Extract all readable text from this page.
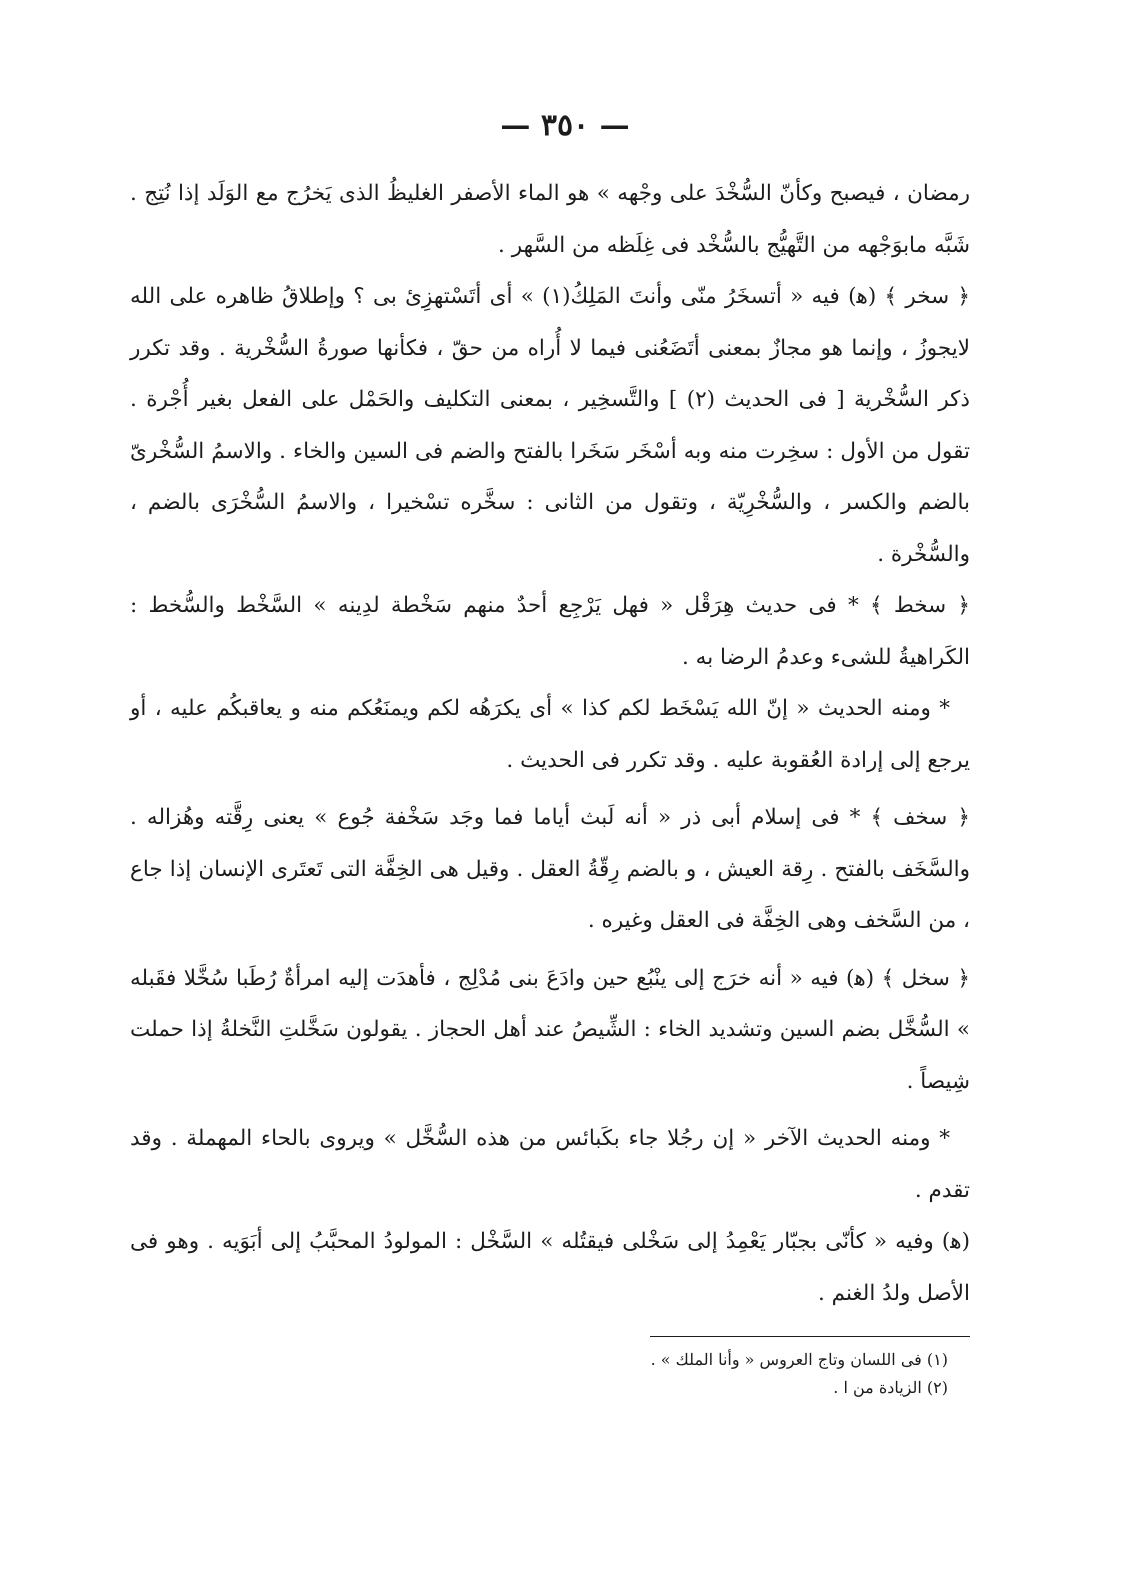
— ٣٥٠ —

رمضان ، فيصبح وكأنّ السُّخْدَ على وجْهه » هو الماء الأصفر الغليظُ الذى يَخرُج مع الوَلَد إذا نُتِج . شَبَّه مابوَجْهه من التَّهيُّج بالسُّخْد فى غِلَظه من السَّهر .

﴿ سخر ﴾ (ﻫ) فيه « أتسخَرُ منّى وأنتَ المَلِكُ(١) » أى أتَسْتهزِئ بى ؟ وإطلاقُ ظاهره على الله لايجوزُ ، وإنما هو مجازٌ بمعنى أتَضَعُنى فيما لا أُراه من حقّ ، فكأنها صورةُ السُّخْرية . وقد تكرر ذكر السُّخْرية [ فى الحديث (٢) ] والتَّسخِير ، بمعنى التكليف والحَمْل على الفعل بغير أُجْرة . تقول من الأول : سخِرت منه وبه أسْخَر سَخَرا بالفتح والضم فى السين والخاء . والاسمُ السُّخْرىّ بالضم والكسر ، والسُّخْرِيّة ، وتقول من الثانى : سخَّره تسْخيرا ، والاسمُ السُّخْرَى بالضم ، والسُّخْرة .

﴿ سخط ﴾ * فى حديث هِرَقْل « فهل يَرْجِع أحدٌ منهم سَخْطة لدِينه » السَّخْط والسُّخط : الكَراهيةُ للشىء وعدمُ الرضا به .

* ومنه الحديث « إنّ الله يَسْخَط لكم كذا » أى يكرَهُه لكم ويمنَعُكم منه و يعاقبكُم عليه ، أو يرجع إلى إرادة العُقوبة عليه . وقد تكرر فى الحديث .

﴿ سخف ﴾ * فى إسلام أبى ذر « أنه لَبث أياما فما وجَد سَخْفة جُوع » يعنى رِقَّته وهُزاله . والسَّخَف بالفتح . رِقة العيش ، و بالضم رِقّةُ العقل . وقيل هى الخِفَّة التى تَعتَرى الإنسان إذا جاع ، من السَّخف وهى الخِفَّة فى العقل وغيره .

﴿ سخل ﴾ (ﻫ) فيه « أنه خرَج إلى ينْبُع حين وادَعَ بنى مُدْلِج ، فأهدَت إليه امرأةٌ رُطَبا سُخَّلا فقَبله » السُّخَّل بضم السين وتشديد الخاء : الشِّيصُ عند أهل الحجاز . يقولون سَخَّلتِ النَّخلةُ إذا حملت شِيصاً .

* ومنه الحديث الآخر « إن رجُلا جاء بكَبائس من هذه السُّخَّل » ويروى بالحاء المهملة . وقد تقدم .

(ﻫ) وفيه « كأنّى بجبّار يَعْمِدُ إلى سَخْلى فيقتُله » السَّخْل : المولودُ المحبَّبُ إلى أبَوَيه . وهو فى الأصل ولدُ الغنم .

(١) فى اللسان وتاج العروس « وأنا الملك » .

(٢) الزيادة من ا .
